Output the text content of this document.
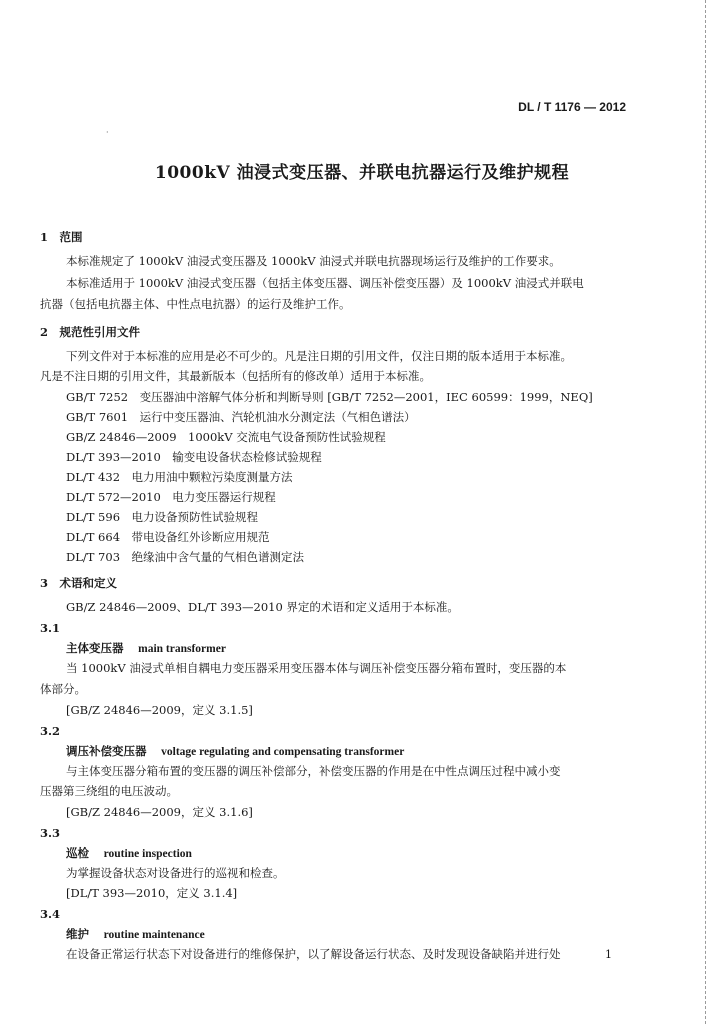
DL / T 1176 — 2012
·
1000kV 油浸式变压器、并联电抗器运行及维护规程
1　范围
本标准规定了 1000kV 油浸式变压器及 1000kV 油浸式并联电抗器现场运行及维护的工作要求。
本标准适用于 1000kV 油浸式变压器（包括主体变压器、调压补偿变压器）及 1000kV 油浸式并联电
抗器（包括电抗器主体、中性点电抗器）的运行及维护工作。
2　规范性引用文件
下列文件对于本标准的应用是必不可少的。凡是注日期的引用文件，仅注日期的版本适用于本标准。
凡是不注日期的引用文件，其最新版本（包括所有的修改单）适用于本标准。
GB/T 7252　变压器油中溶解气体分析和判断导则 [GB/T 7252—2001，IEC 60599：1999，NEQ]
GB/T 7601　运行中变压器油、汽轮机油水分测定法（气相色谱法）
GB/Z 24846—2009　1000kV 交流电气设备预防性试验规程
DL/T 393—2010　输变电设备状态检修试验规程
DL/T 432　电力用油中颗粒污染度测量方法
DL/T 572—2010　电力变压器运行规程
DL/T 596　电力设备预防性试验规程
DL/T 664　带电设备红外诊断应用规范
DL/T 703　绝缘油中含气量的气相色谱测定法
3　术语和定义
GB/Z 24846—2009、DL/T 393—2010 界定的术语和定义适用于本标准。
3.1
主体变压器 main transformer
当 1000kV 油浸式单相自耦电力变压器采用变压器本体与调压补偿变压器分箱布置时，变压器的本
体部分。
[GB/Z 24846—2009，定义 3.1.5]
3.2
调压补偿变压器 voltage regulating and compensating transformer
与主体变压器分箱布置的变压器的调压补偿部分，补偿变压器的作用是在中性点调压过程中减小变
压器第三绕组的电压波动。
[GB/Z 24846—2009，定义 3.1.6]
3.3
巡检 routine inspection
为掌握设备状态对设备进行的巡视和检查。
[DL/T 393—2010，定义 3.1.4]
3.4
维护 routine maintenance
在设备正常运行状态下对设备进行的维修保护，以了解设备运行状态、及时发现设备缺陷并进行处	1
